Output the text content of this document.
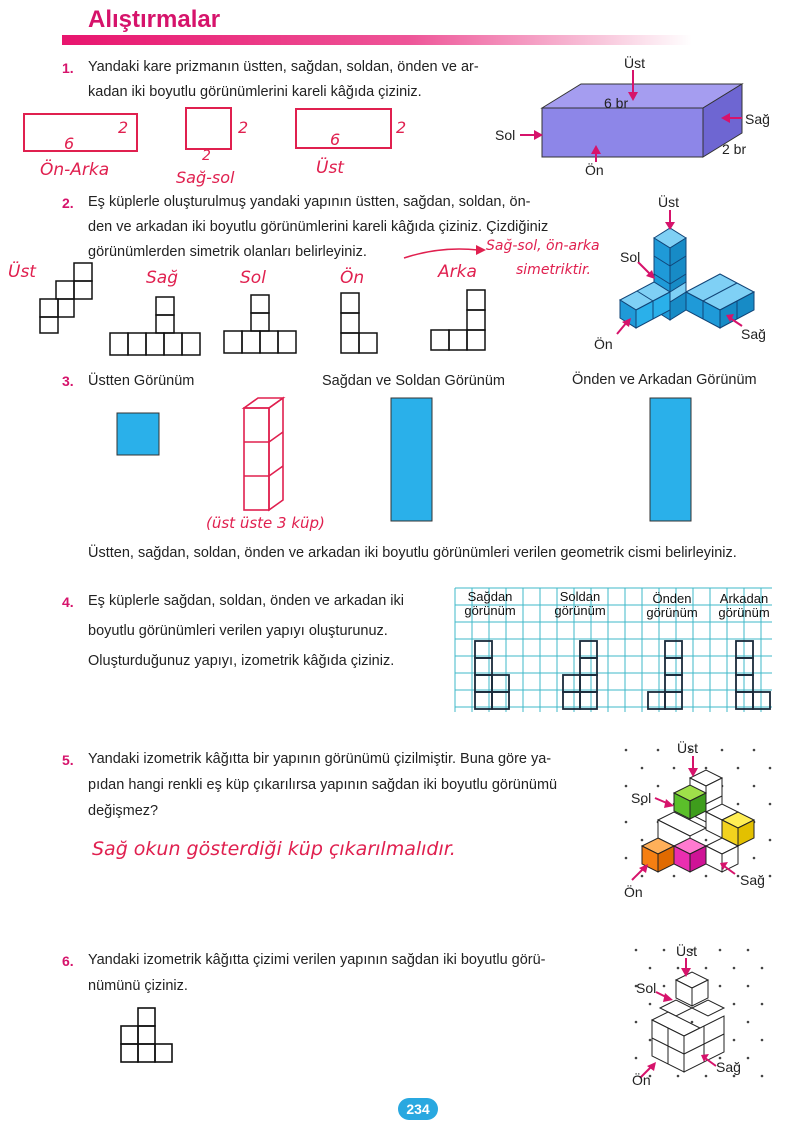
Alıştırmalar
1. Yandaki kare prizmanın üstten, sağdan, soldan, önden ve ar-
kadan iki boyutlu görünümlerini kareli kâğıda çiziniz.
Üst
Sol
Sağ
Ön
6 br
2 br
6
2
Ön-Arka
2
2
Sağ-sol
6
2
Üst
2. Eş küplerle oluşturulmuş yandaki yapının üstten, sağdan, soldan, ön-
den ve arkadan iki boyutlu görünümlerini kareli kâğıda çiziniz. Çizdiğiniz
görünümlerden simetrik olanları belirleyiniz.
Üst
Sol
Sağ
Ön
Üst	Sağ	Sol	Ön	Arka
Sağ-sol, ön-arka
simetriktir.
3. Üstten Görünüm	Sağdan ve Soldan Görünüm	Önden ve Arkadan Görünüm
(üst üste 3 küp)
Üstten, sağdan, soldan, önden ve arkadan iki boyutlu görünümleri verilen geometrik cismi belirleyiniz.
4. Eş küplerle sağdan, soldan, önden ve arkadan iki
boyutlu görünümleri verilen yapıyı oluşturunuz.
Oluşturduğunuz yapıyı, izometrik kâğıda çiziniz.
Sağdan
görünüm
Soldan
görünüm
Önden
görünüm
Arkadan
görünüm
5. Yandaki izometrik kâğıtta bir yapının görünümü çizilmiştir. Buna göre ya-
pıdan hangi renkli eş küp çıkarılırsa yapının sağdan iki boyutlu görünümü
değişmez?
Sağ okun gösterdiği küp çıkarılmalıdır.
Üst
Sol
Sağ
Ön
6. Yandaki izometrik kâğıtta çizimi verilen yapının sağdan iki boyutlu görü-
nümünü çiziniz.
Üst
Sol
Sağ
Ön
234
